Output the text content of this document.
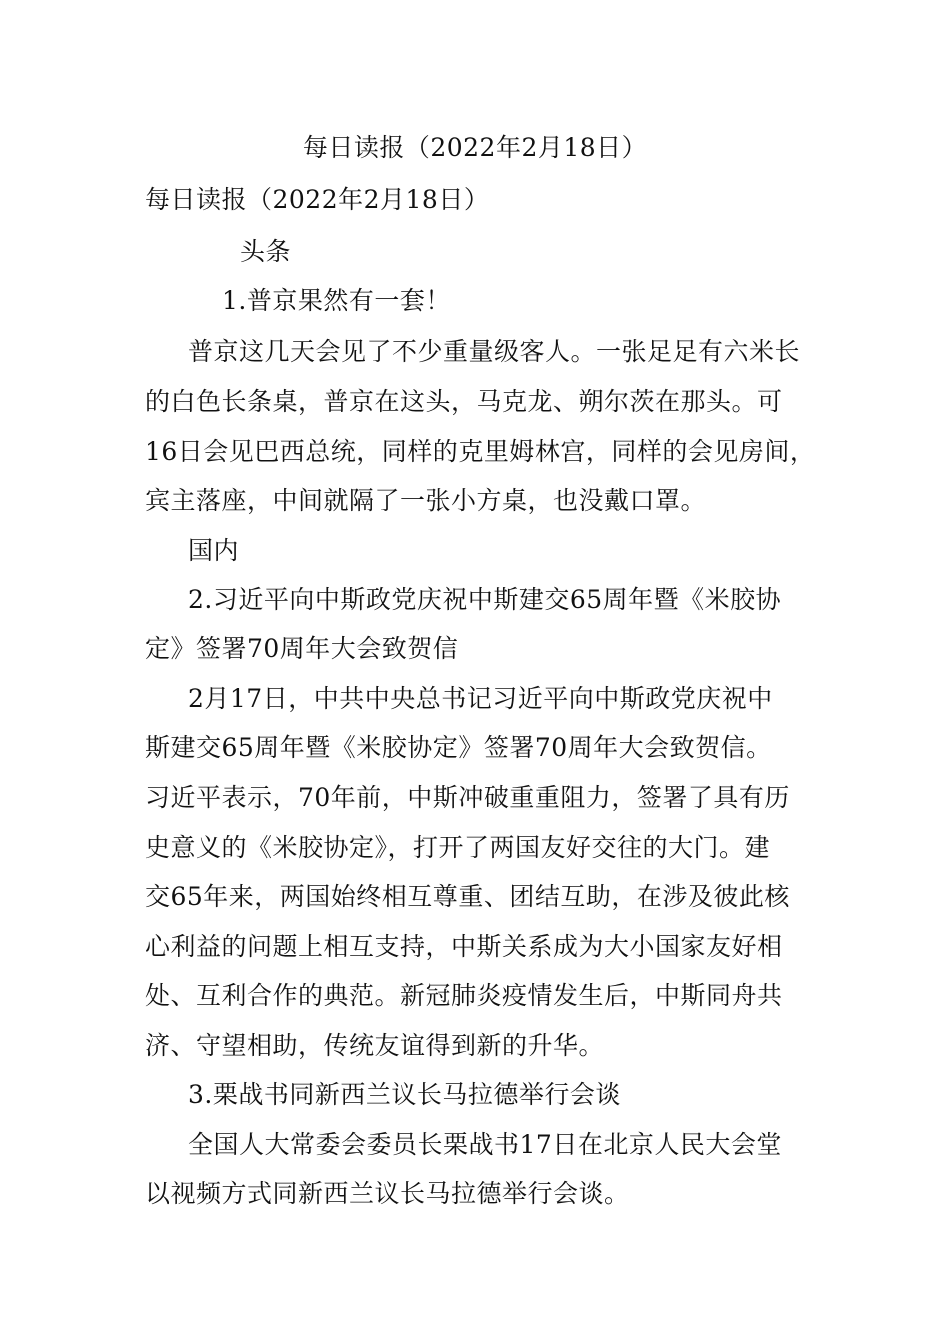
每日读报（2022年2月18日）
每日读报（2022年2月18日）
头条
1.普京果然有一套！
普京这几天会见了不少重量级客人。一张足足有六米长
的白色长条桌，普京在这头，马克龙、朔尔茨在那头。可
16日会见巴西总统，同样的克里姆林宫，同样的会见房间，
宾主落座，中间就隔了一张小方桌，也没戴口罩。
国内
2.习近平向中斯政党庆祝中斯建交65周年暨《米胶协
定》签署70周年大会致贺信
2月17日，中共中央总书记习近平向中斯政党庆祝中
斯建交65周年暨《米胶协定》签署70周年大会致贺信。
习近平表示，70年前，中斯冲破重重阻力，签署了具有历
史意义的《米胶协定》，打开了两国友好交往的大门。建
交65年来，两国始终相互尊重、团结互助，在涉及彼此核
心利益的问题上相互支持，中斯关系成为大小国家友好相
处、互利合作的典范。新冠肺炎疫情发生后，中斯同舟共
济、守望相助，传统友谊得到新的升华。
3.栗战书同新西兰议长马拉德举行会谈
全国人大常委会委员长栗战书17日在北京人民大会堂
以视频方式同新西兰议长马拉德举行会谈。
